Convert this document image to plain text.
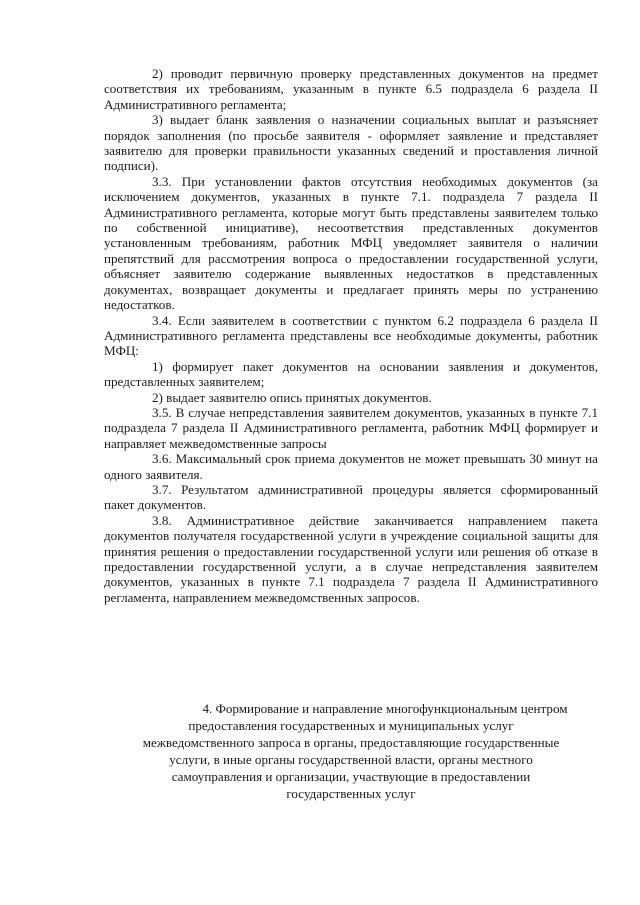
2) проводит первичную проверку представленных документов на предмет соответствия их требованиям, указанным в пункте 6.5 подраздела 6 раздела II Административного регламента;

3) выдает бланк заявления о назначении социальных выплат и разъясняет порядок заполнения (по просьбе заявителя - оформляет заявление и представляет заявителю для проверки правильности указанных сведений и проставления личной подписи).

3.3. При установлении фактов отсутствия необходимых документов (за исключением документов, указанных в пункте 7.1. подраздела 7 раздела II Административного регламента, которые могут быть представлены заявителем только по собственной инициативе), несоответствия представленных документов установленным требованиям, работник МФЦ уведомляет заявителя о наличии препятствий для рассмотрения вопроса о предоставлении государственной услуги, объясняет заявителю содержание выявленных недостатков в представленных документах, возвращает документы и предлагает принять меры по устранению недостатков.

3.4. Если заявителем в соответствии с пунктом 6.2 подраздела 6 раздела II Административного регламента представлены все необходимые документы, работник МФЦ:

1) формирует пакет документов на основании заявления и документов, представленных заявителем;

2) выдает заявителю опись принятых документов.

3.5. В случае непредставления заявителем документов, указанных в пункте 7.1 подраздела 7 раздела II Административного регламента, работник МФЦ формирует и направляет межведомственные запросы

3.6. Максимальный срок приема документов не может превышать 30 минут на одного заявителя.

3.7. Результатом административной процедуры является сформированный пакет документов.

3.8. Административное действие заканчивается направлением пакета документов получателя государственной услуги в учреждение социальной защиты для принятия решения о предоставлении государственной услуги или решения об отказе в предоставлении государственной услуги, а в случае непредставления заявителем документов, указанных в пункте 7.1 подраздела 7 раздела II Административного регламента, направлением межведомственных запросов.

4. Формирование и направление многофункциональным центром
предоставления государственных и муниципальных услуг
межведомственного запроса в органы, предоставляющие государственные
услуги, в иные органы государственной власти, органы местного
самоуправления и организации, участвующие в предоставлении
государственных услуг
